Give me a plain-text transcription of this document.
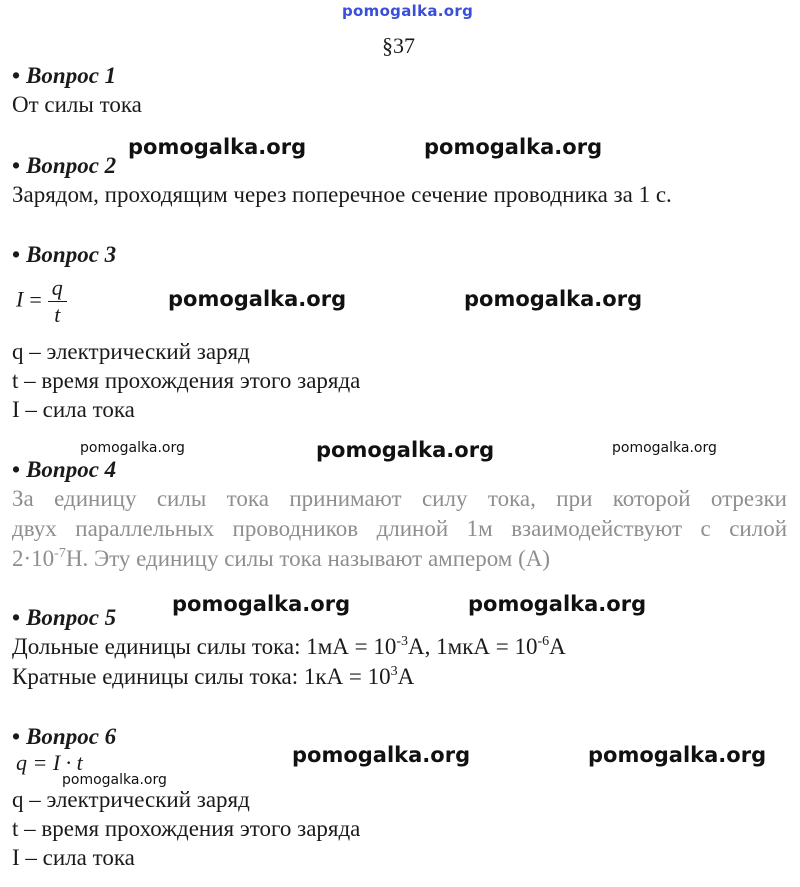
pomogalka.org
§37
• Вопрос 1
От силы тока
• Вопрос 2
Зарядом, проходящим через поперечное сечение проводника за 1 с.
• Вопрос 3
$I = \frac{q}{t}$
q – электрический заряд
t – время прохождения этого заряда
I – сила тока
• Вопрос 4
За единицу силы тока принимают силу тока, при которой отрезки
двух параллельных проводников длиной 1м взаимодействуют с силой
$2\cdot 10^{-7}Н$. Эту единицу силы тока называют ампером (А)
• Вопрос 5
Дольные единицы силы тока: $1мА = 10^{-3}А$, $1мкА = 10^{-6}А$
Кратные единицы силы тока: $1кА = 10^3А$
• Вопрос 6
q = I · t
q – электрический заряд
t – время прохождения этого заряда
I – сила тока
pomogalka.org	pomogalka.org
pomogalka.org	pomogalka.org
pomogalka.org	pomogalka.org	pomogalka.org
pomogalka.org	pomogalka.org
pomogalka.org	pomogalka.org
pomogalka.org
